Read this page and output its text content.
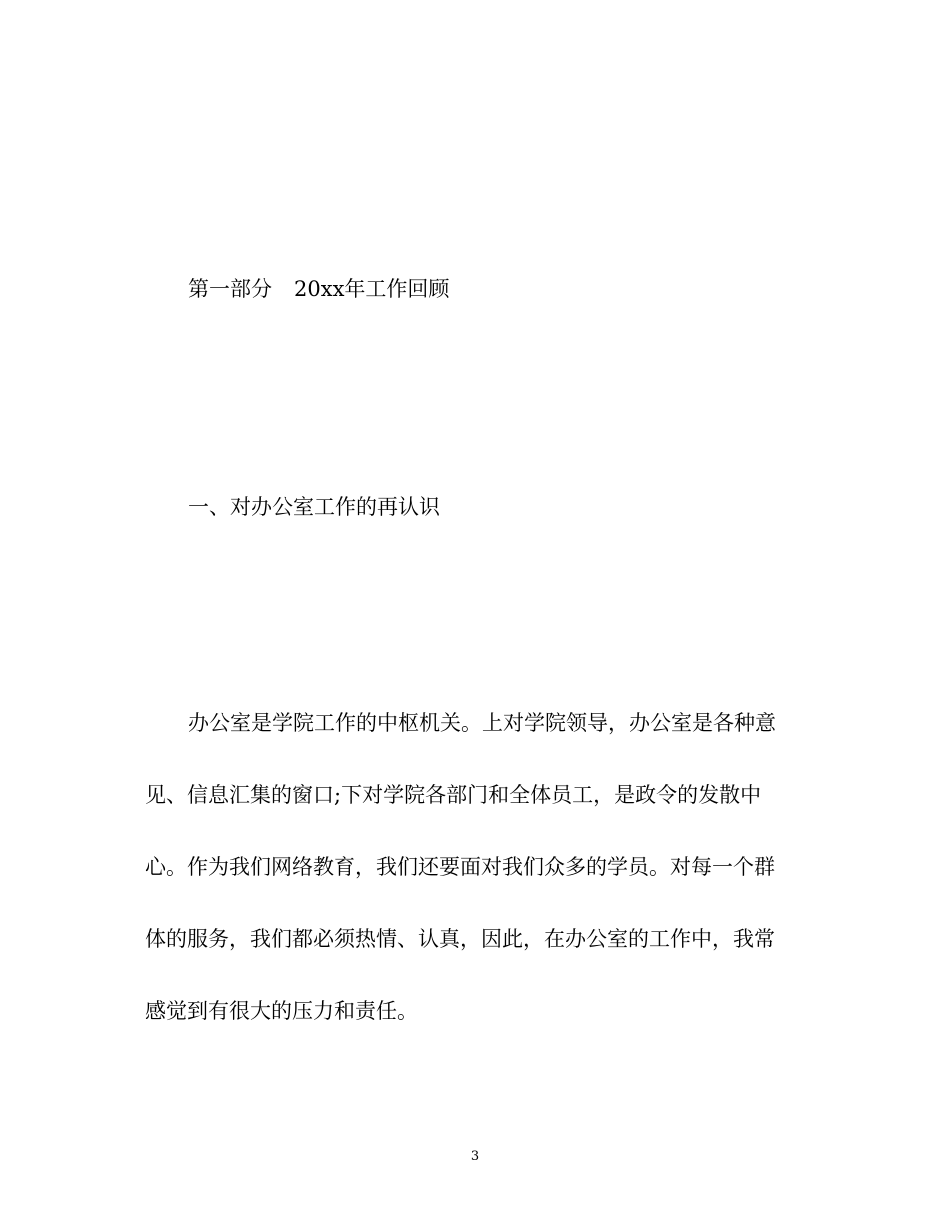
第一部分 20xx年工作回顾
一、对办公室工作的再认识
办公室是学院工作的中枢机关。上对学院领导，办公室是各种意
见、信息汇集的窗口;下对学院各部门和全体员工，是政令的发散中
心。作为我们网络教育，我们还要面对我们众多的学员。对每一个群
体的服务，我们都必须热情、认真，因此，在办公室的工作中，我常
感觉到有很大的压力和责任。
3
